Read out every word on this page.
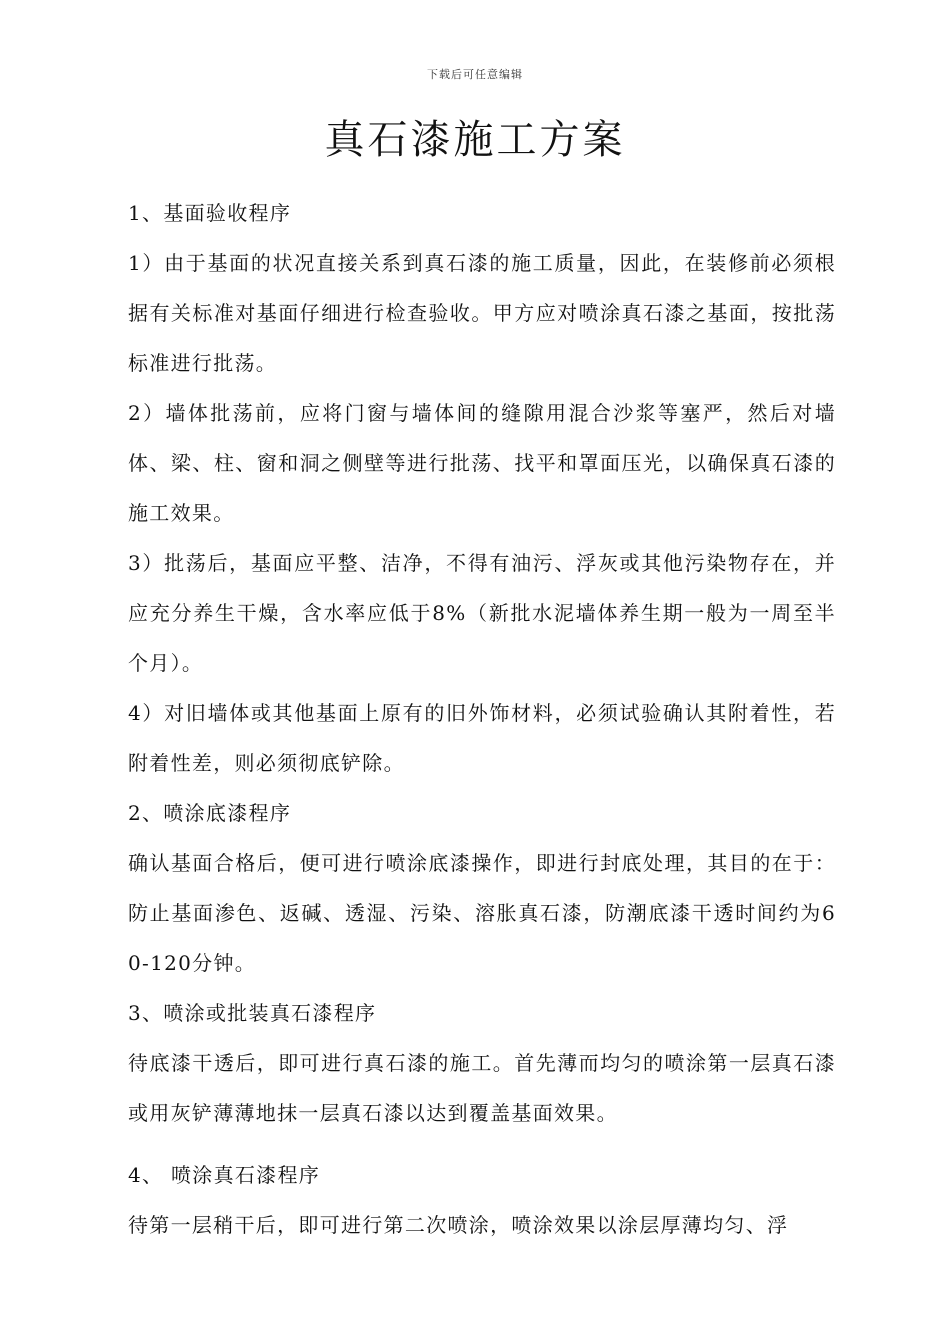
下载后可任意编辑
真石漆施工方案

1、基面验收程序

1）由于基面的状况直接关系到真石漆的施工质量，因此，在装修前必须根据有关标准对基面仔细进行检查验收。甲方应对喷涂真石漆之基面，按批荡标准进行批荡。

2）墙体批荡前，应将门窗与墙体间的缝隙用混合沙浆等塞严，然后对墙体、梁、柱、窗和洞之侧壁等进行批荡、找平和罩面压光，以确保真石漆的施工效果。

3）批荡后，基面应平整、洁净，不得有油污、浮灰或其他污染物存在，并应充分养生干燥，含水率应低于8%（新批水泥墙体养生期一般为一周至半个月）。

4）对旧墙体或其他基面上原有的旧外饰材料，必须试验确认其附着性，若附着性差，则必须彻底铲除。

2、喷涂底漆程序

确认基面合格后，便可进行喷涂底漆操作，即进行封底处理，其目的在于：防止基面渗色、返碱、透湿、污染、溶胀真石漆，防潮底漆干透时间约为60-120分钟。

3、喷涂或批装真石漆程序

待底漆干透后，即可进行真石漆的施工。首先薄而均匀的喷涂第一层真石漆或用灰铲薄薄地抹一层真石漆以达到覆盖基面效果。

4、 喷涂真石漆程序

待第一层稍干后，即可进行第二次喷涂，喷涂效果以涂层厚薄均匀、浮
